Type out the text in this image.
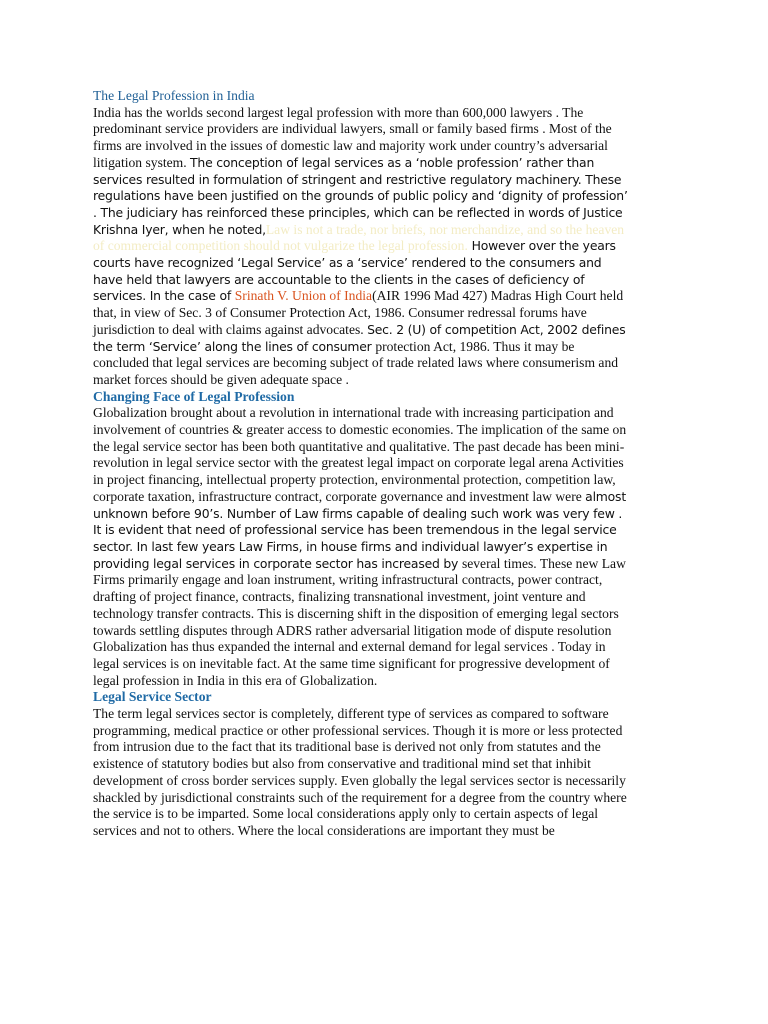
The Legal Profession in India

India has the worlds second largest legal profession with more than 600,000 lawyers . The predominant service providers are individual lawyers, small or family based firms . Most of the firms are involved in the issues of domestic law and majority work under country’s adversarial litigation system. The conception of legal services as a ‘noble profession’ rather than services resulted in formulation of stringent and restrictive regulatory machinery. These regulations have been justified on the grounds of public policy and ‘dignity of profession’ . The judiciary has reinforced these principles, which can be reflected in words of Justice Krishna Iyer, when he noted,Law is not a trade, nor briefs, nor merchandize, and so the heaven of commercial competition should not vulgarize the legal profession. However over the years courts have recognized ‘Legal Service’ as a ‘service’ rendered to the consumers and have held that lawyers are accountable to the clients in the cases of deficiency of services. In the case of Srinath V. Union of India(AIR 1996 Mad 427) Madras High Court held that, in view of Sec. 3 of Consumer Protection Act, 1986. Consumer redressal forums have jurisdiction to deal with claims against advocates. Sec. 2 (U) of competition Act, 2002 defines the term ‘Service’ along the lines of consumer protection Act, 1986. Thus it may be concluded that legal services are becoming subject of trade related laws where consumerism and market forces should be given adequate space .

Changing Face of Legal Profession

Globalization brought about a revolution in international trade with increasing participation and involvement of countries & greater access to domestic economies. The implication of the same on the legal service sector has been both quantitative and qualitative. The past decade has been mini-revolution in legal service sector with the greatest legal impact on corporate legal arena Activities in project financing, intellectual property protection, environmental protection, competition law, corporate taxation, infrastructure contract, corporate governance and investment law were almost unknown before 90’s. Number of Law firms capable of dealing such work was very few . It is evident that need of professional service has been tremendous in the legal service sector. In last few years Law Firms, in house firms and individual lawyer’s expertise in providing legal services in corporate sector has increased by several times. These new Law Firms primarily engage and loan instrument, writing infrastructural contracts, power contract, drafting of project finance, contracts, finalizing transnational investment, joint venture and technology transfer contracts. This is discerning shift in the disposition of emerging legal sectors towards settling disputes through ADRS rather adversarial litigation mode of dispute resolution Globalization has thus expanded the internal and external demand for legal services . Today in legal services is on inevitable fact. At the same time significant for progressive development of legal profession in India in this era of Globalization.

Legal Service Sector

The term legal services sector is completely, different type of services as compared to software programming, medical practice or other professional services. Though it is more or less protected from intrusion due to the fact that its traditional base is derived not only from statutes and the existence of statutory bodies but also from conservative and traditional mind set that inhibit development of cross border services supply. Even globally the legal services sector is necessarily shackled by jurisdictional constraints such of the requirement for a degree from the country where the service is to be imparted. Some local considerations apply only to certain aspects of legal services and not to others. Where the local considerations are important they must be
